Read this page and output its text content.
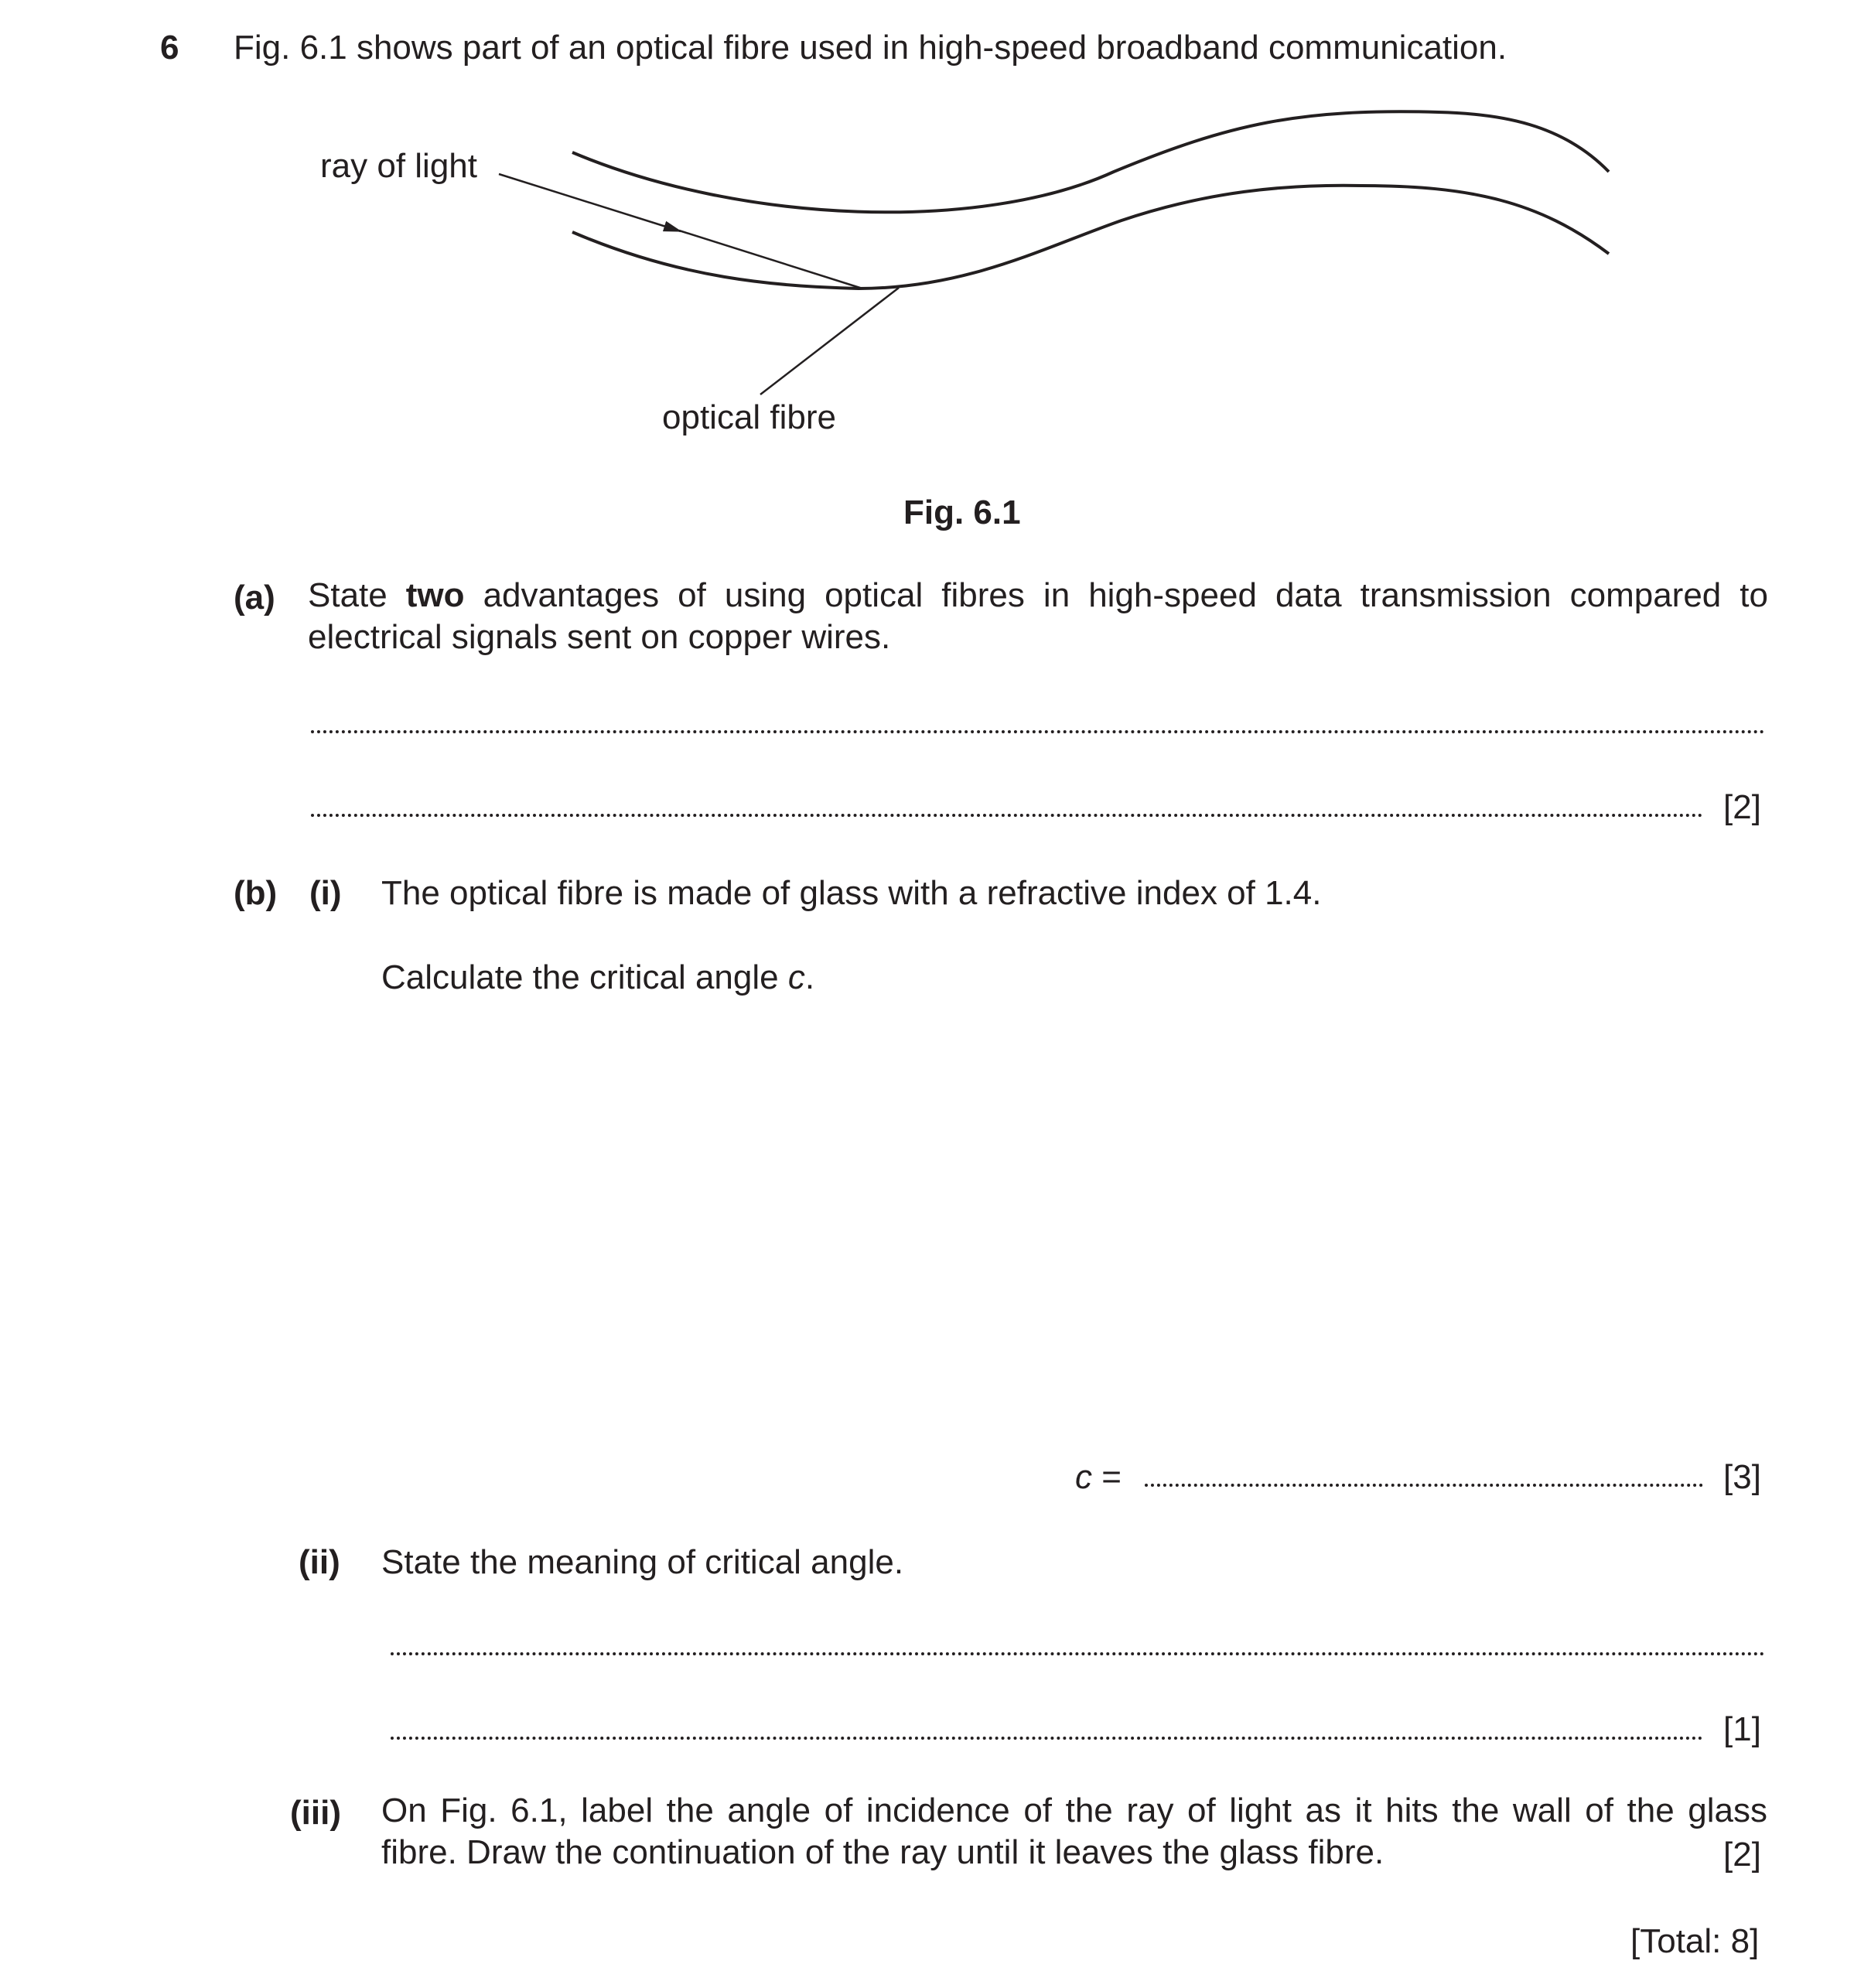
6 Fig. 6.1 shows part of an optical fibre used in high-speed broadband communication.
ray of light
optical fibre
Fig. 6.1
(a) State two advantages of using optical fibres in high-speed data transmission compared to electrical signals sent on copper wires.
[2]
(b) (i) The optical fibre is made of glass with a refractive index of 1.4.
Calculate the critical angle c.
c =	[3]
(ii) State the meaning of critical angle.
[1]
(iii) On Fig. 6.1, label the angle of incidence of the ray of light as it hits the wall of the glass fibre. Draw the continuation of the ray until it leaves the glass fibre.	[2]
[Total: 8]
